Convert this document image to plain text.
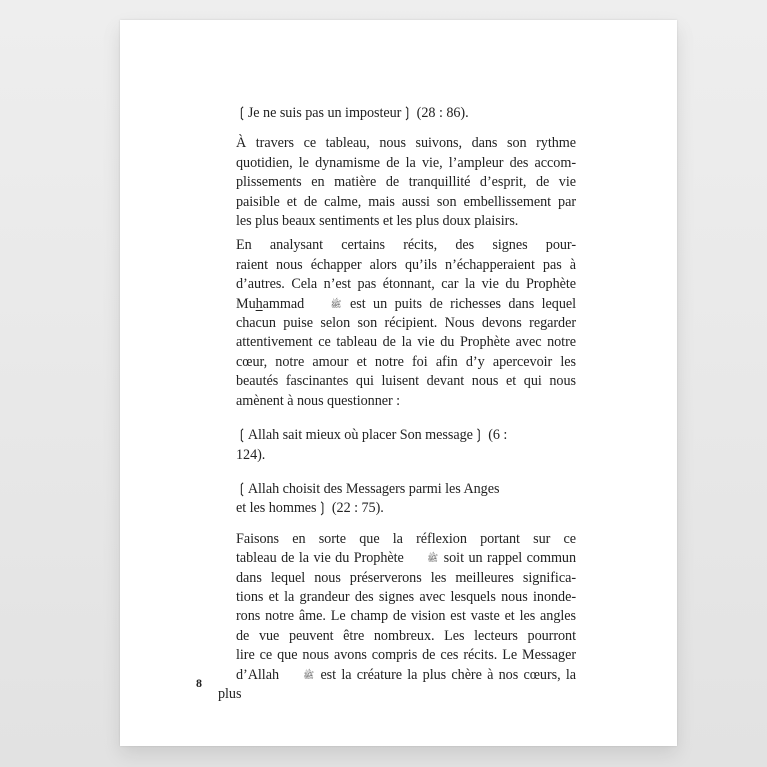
❲Je ne suis pas un imposteur❳ (28 : 86).

À travers ce tableau, nous suivons, dans son rythme
quotidien, le dynamisme de la vie, l’ampleur des accom-
plissements en matière de tranquillité d’esprit, de vie
paisible et de calme, mais aussi son embellissement par
les plus beaux sentiments et les plus doux plaisirs.

En analysant certains récits, des signes pour-
raient nous échapper alors qu’ils n’échapperaient pas à
d’autres. Cela n’est pas étonnant, car la vie du Prophète
Muhammad	ﷺ est un puits de richesses dans lequel
chacun puise selon son récipient. Nous devons regarder
attentivement ce tableau de la vie du Prophète avec notre
cœur, notre amour et notre foi afin d’y apercevoir les
beautés fascinantes qui luisent devant nous et qui nous
amènent à nous questionner :

❲Allah sait mieux où placer Son message❳ (6 :
124).

❲Allah choisit des Messagers parmi les Anges
et les hommes❳ (22 : 75).

Faisons en sorte que la réflexion portant sur ce
tableau de la vie du Prophète	ﷺ soit un rappel commun
dans lequel nous préserverons les meilleures significa-
tions et la grandeur des signes avec lesquels nous inonde-
rons notre âme. Le champ de vision est vaste et les angles
de vue peuvent être nombreux. Les lecteurs pourront
lire ce que nous avons compris de ces récits. Le Messager
d’Allah	ﷺ est la créature la plus chère à nos cœurs, la plus

8
